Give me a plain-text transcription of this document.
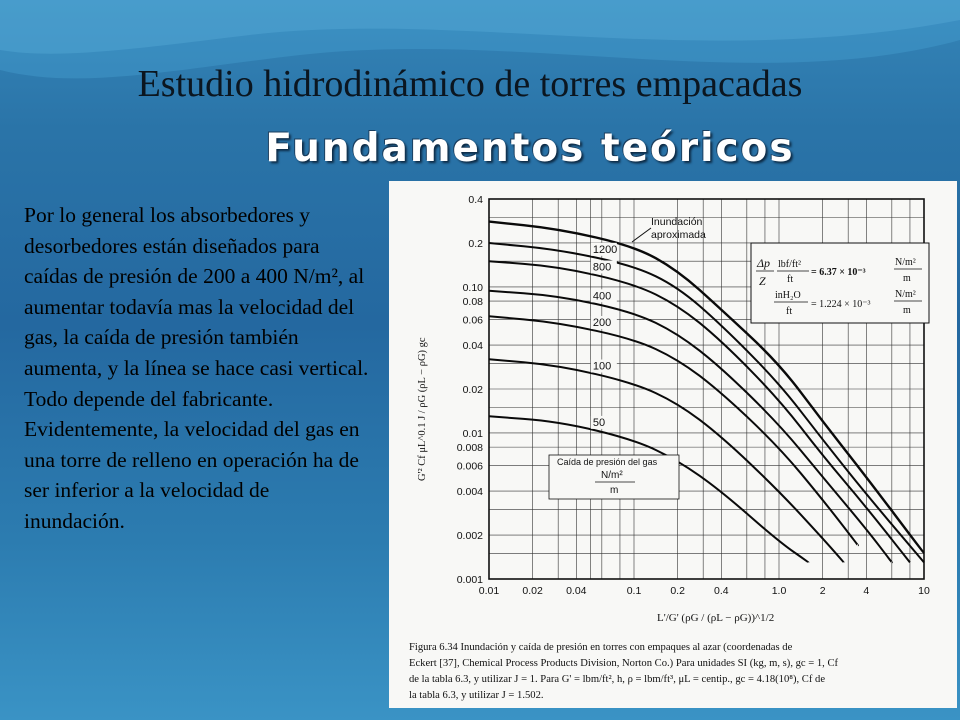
Estudio hidrodinámico de torres empacadas
Fundamentos teóricos

Por lo general los absorbedores y desorbedores están diseñados para caídas de presión de 200 a 400 N/m², al aumentar todavía mas la velocidad del gas, la caída de presión también aumenta, y la línea se hace casi vertical. Todo depende del fabricante.

Evidentemente, la velocidad del gas en una torre de relleno en operación ha de ser inferior a la velocidad de inundación.

0.01 0.02 0.04	0.1	0.2	0.4	1.0	2	4	10
0.4
0.2
0.10
0.08
0.06
0.04
0.02
0.01
0.008
0.006
0.004
0.002
0.001
1200
800
400
200
100
50
G'² Cf μL^0.1 J / ρG (ρL − ρG) gc
Inundación
aproximada
Δp
Z
lbf/ft²
ft
= 6.37 × 10⁻³
N/m²
m
inH₂O
ft
= 1.224 × 10⁻³
N/m²
m
Caída de presión del gas
N/m²
m
L'/G' (ρG / (ρL − ρG))^1/2
Figura 6.34 Inundación y caída de presión en torres con empaques al azar (coordenadas de
Eckert [37], Chemical Process Products Division, Norton Co.) Para unidades SI (kg, m, s), gc = 1, Cf
de la tabla 6.3, y utilizar J = 1. Para G' = lbm/ft², h, ρ = lbm/ft³, μL = centip., gc = 4.18(10⁸), Cf de
la tabla 6.3, y utilizar J = 1.502.
